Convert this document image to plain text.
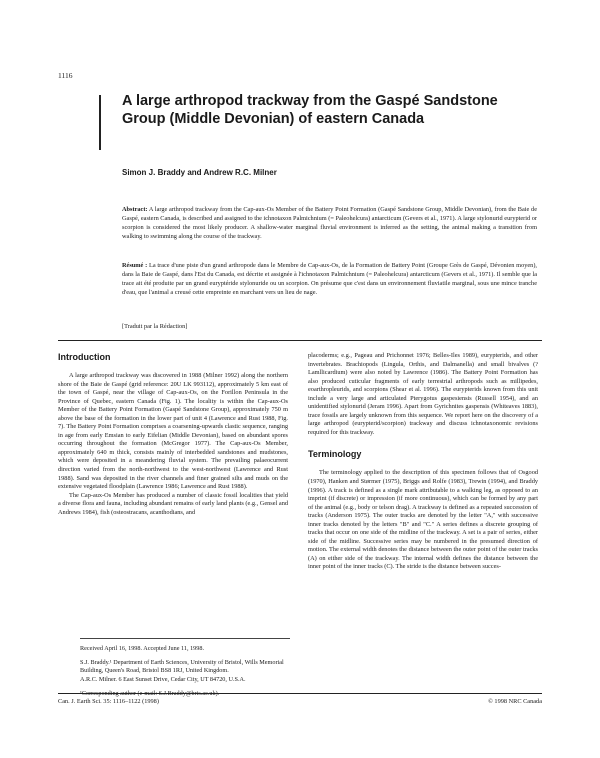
1116
A large arthropod trackway from the Gaspé Sandstone Group (Middle Devonian) of eastern Canada
Simon J. Braddy and Andrew R.C. Milner
Abstract: A large arthropod trackway from the Cap-aux-Os Member of the Battery Point Formation (Gaspé Sandstone Group, Middle Devonian), from the Baie de Gaspé, eastern Canada, is described and assigned to the ichnotaxon Palmichnium (= Paleohelcura) antarcticum (Gevers et al., 1971). A large stylonurid eurypterid or scorpion is considered the most likely producer. A shallow-water marginal fluvial environment is inferred as the setting, the animal making a transition from walking to swimming along the course of the trackway.
Résumé : La trace d'une piste d'un grand arthropode dans le Membre de Cap-aux-Os, de la Formation de Battery Point (Groupe Grès de Gaspé, Dévonien moyen), dans la Baie de Gaspé, dans l'Est du Canada, est décrite et assignée à l'ichnotaxon Palmichnium (= Paleohelcura) antarcticum (Gevers et al., 1971). Il semble que la trace ait été produite par un grand euryptéride stylonuride ou un scorpion. On présume que c'est dans un environnement fluviatile marginal, sous une mince tranche d'eau, que l'animal a creusé cette empreinte en marchant vers un lieu de nage.
[Traduit par la Rédaction]
Introduction

A large arthropod trackway was discovered in 1988 (Milner 1992) along the northern shore of the Baie de Gaspé (grid reference: 20U LK 993112), approximately 5 km east of the town of Gaspé, near the village of Cap-aux-Os, on the Forillon Peninsula in the Province of Quebec, eastern Canada (Fig. 1). The locality is within the Cap-aux-Os Member of the Battery Point Formation (Gaspé Sandstone Group), approximately 750 m above the base of the formation in the lower part of unit 4 (Lawrence and Rust 1988, Fig. 7). The Battery Point Formation comprises a coarsening-upwards clastic sequence, ranging in age from early Emsian to early Eifelian (Middle Devonian), based on abundant spores occurring throughout the formation (McGregor 1977). The Cap-aux-Os Member, approximately 640 m thick, consists mainly of interbedded sandstones and mudstones, which were deposited in a meandering fluvial system. The prevailing palaeocurrent direction varied from the north-northwest to the west-northwest (Lawrence and Rust 1988). Sand was deposited in the river channels and finer grained silts and muds on the extensive vegetated floodplain (Lawrence 1986; Lawrence and Rust 1988).

The Cap-aux-Os Member has produced a number of classic fossil localities that yield a diverse flora and fauna, including abundant remains of early land plants (e.g., Gensel and Andrews 1984), fish (osteostracans, acanthodians, and

placoderms; e.g., Pageau and Prichonnet 1976; Belles-Iles 1989), eurypterids, and other invertebrates. Brachiopods (Lingula, Orthis, and Dalmanella) and small bivalves (?Lamllicardium) were also noted by Lawrence (1986). The Battery Point Formation has also produced cuticular fragments of early terrestrial arthropods such as millipedes, eoarthropleurids, and scorpions (Shear et al. 1996). The eurypterids known from this unit include a very large and articulated Pterygotus gaspesiensis (Russell 1954), and an unidentified stylonurid (Jeram 1996). Apart from Gyrichnites gaspensis (Whiteaves 1883), trace fossils are largely unknown from this sequence. We report here on the discovery of a large arthropod (eurypterid/scorpion) trackway and discuss ichnotaxonomic revisions required for this trackway.

Terminology

The terminology applied to the description of this specimen follows that of Osgood (1970), Hanken and Størmer (1975), Briggs and Rolfe (1983), Trewin (1994), and Braddy (1996). A track is defined as a single mark attributable to a walking leg, as opposed to an imprint (if discrete) or impression (if more continuous), which can be formed by any part of the animal (e.g., body or telson drag). A trackway is defined as a repeated succession of tracks (Anderson 1975). The outer tracks are denoted by the letter "A," with successive inner tracks denoted by the letters "B" and "C." A series defines a discrete grouping of tracks that occur on one side of the midline of the trackway. A set is a pair of series, either side of the midline. Successive series may be numbered in the presumed direction of motion. The external width denotes the distance between the outer point of the outer tracks (A) on either side of the trackway. The internal width defines the distance between the inner point of the inner tracks (C). The stride is the distance between succes-

Received April 16, 1998. Accepted June 11, 1998.

S.J. Braddy.¹ Department of Earth Sciences, University of Bristol, Wills Memorial Building, Queen's Road, Bristol BS8 1RJ, United Kingdom.

A.R.C. Milner. 6 East Sunset Drive, Cedar City, UT 84720, U.S.A.

Can. J. Earth Sci. 35: 1116–1122 (1998)	© 1998 NRC Canada
